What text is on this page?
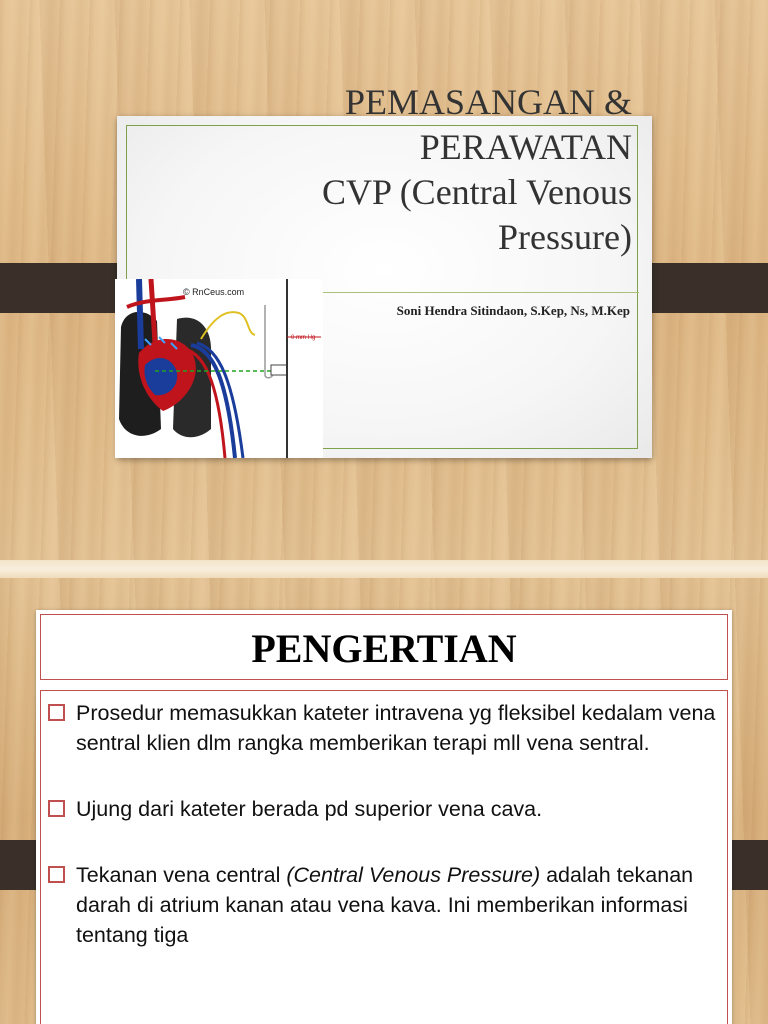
PEMASANGAN &
PERAWATAN
CVP (Central Venous
Pressure)

Soni Hendra Sitindaon, S.Kep, Ns, M.Kep

© RnCeus.com
0 mm Hg
PENGERTIAN
Prosedur memasukkan kateter intravena yg fleksibel kedalam vena sentral klien dlm rangka memberikan terapi mll vena sentral.
Ujung dari kateter berada pd superior vena cava.
Tekanan vena central (Central Venous Pressure) adalah tekanan darah di atrium kanan atau vena kava. Ini memberikan informasi tentang tiga
